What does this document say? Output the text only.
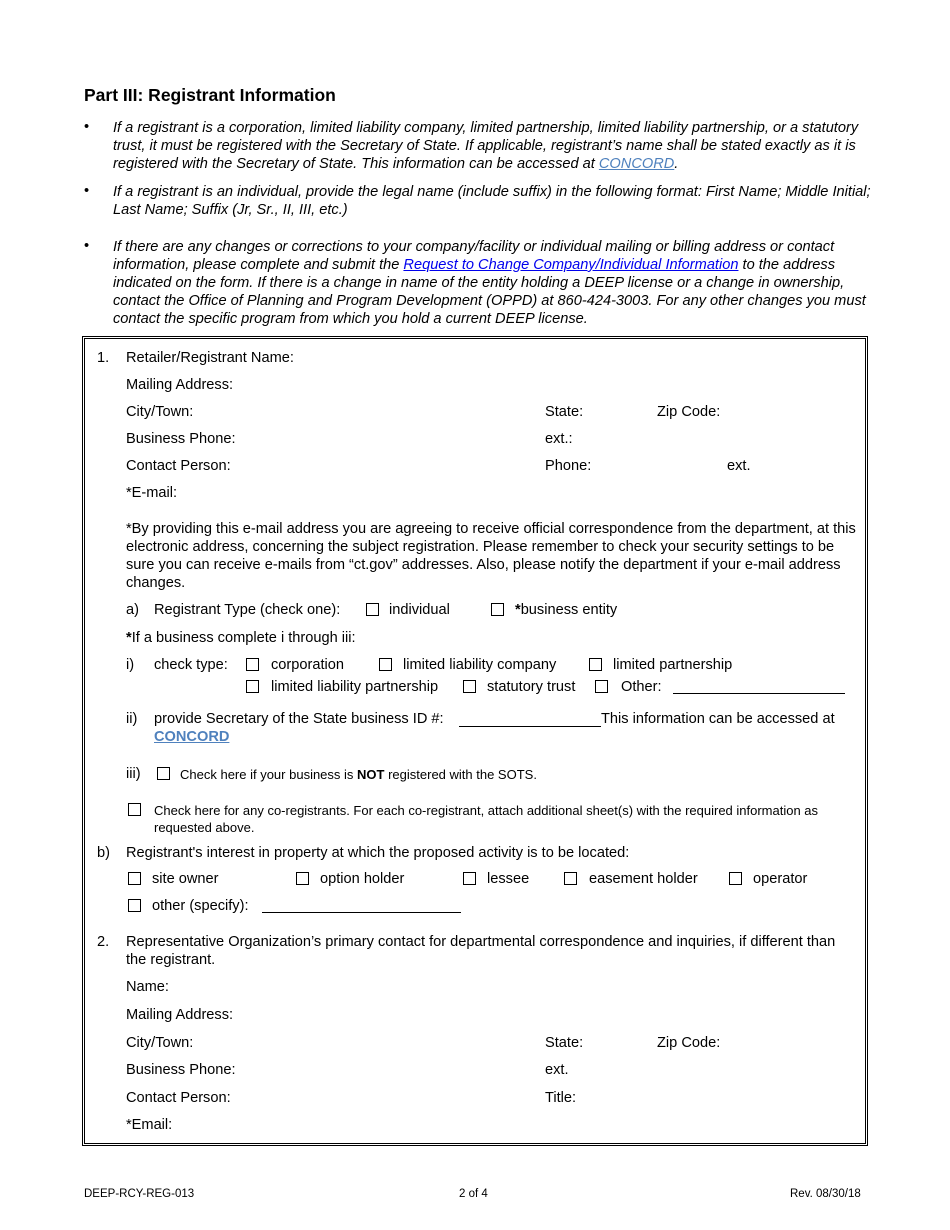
Part III: Registrant Information
• If a registrant is a corporation, limited liability company, limited partnership, limited liability partnership, or a statutory trust, it must be registered with the Secretary of State. If applicable, registrant’s name shall be stated exactly as it is registered with the Secretary of State. This information can be accessed at CONCORD.
• If a registrant is an individual, provide the legal name (include suffix) in the following format: First Name; Middle Initial; Last Name; Suffix (Jr, Sr., II, III, etc.)
• If there are any changes or corrections to your company/facility or individual mailing or billing address or contact information, please complete and submit the Request to Change Company/Individual Information to the address indicated on the form. If there is a change in name of the entity holding a DEEP license or a change in ownership, contact the Office of Planning and Program Development (OPPD) at 860-424-3003. For any other changes you must contact the specific program from which you hold a current DEEP license.
1. Retailer/Registrant Name:
Mailing Address:
City/Town:	State:	Zip Code:
Business Phone:	ext.:
Contact Person:	Phone:	ext.
*E-mail:
*By providing this e-mail address you are agreeing to receive official correspondence from the department, at this electronic address, concerning the subject registration. Please remember to check your security settings to be sure you can receive e-mails from “ct.gov” addresses. Also, please notify the department if your e-mail address changes.
a) Registrant Type (check one):	individual	*business entity
*If a business complete i through iii:
i) check type:	corporation	limited liability company	limited partnership
limited liability partnership	statutory trust	Other:
ii) provide Secretary of the State business ID #:	This information can be accessed at
CONCORD
iii)	Check here if your business is NOT registered with the SOTS.
Check here for any co-registrants. For each co-registrant, attach additional sheet(s) with the required information as requested above.
b) Registrant's interest in property at which the proposed activity is to be located:
site owner	option holder	lessee	easement holder	operator
other (specify):
2. Representative Organization’s primary contact for departmental correspondence and inquiries, if different than the registrant.
Name:
Mailing Address:
City/Town:	State:	Zip Code:
Business Phone:	ext.
Contact Person:	Title:
*Email:
DEEP-RCY-REG-013	2 of 4	Rev. 08/30/18
